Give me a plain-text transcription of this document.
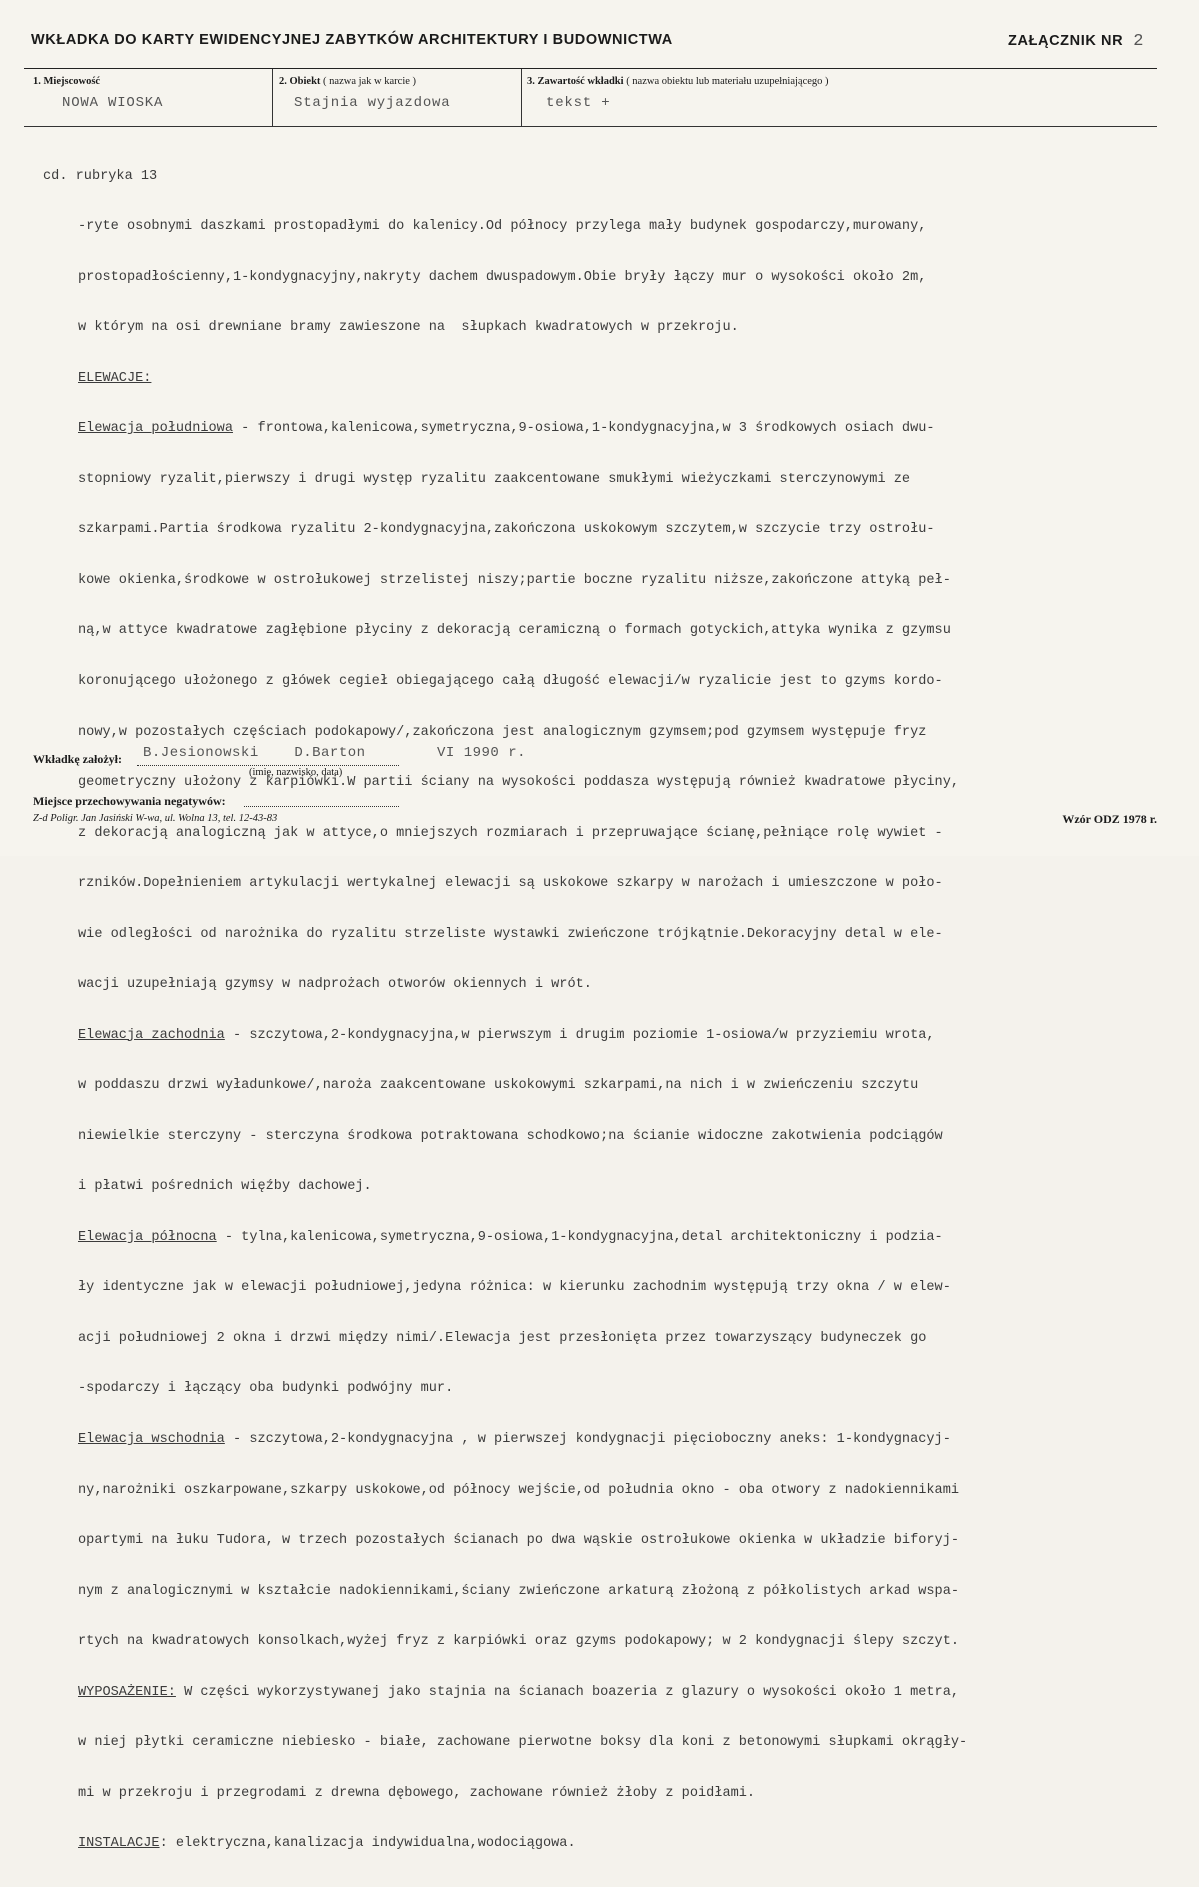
WKŁADKA DO KARTY EWIDENCYJNEJ ZABYTKÓW ARCHITEKTURY I BUDOWNICTWA	ZAŁĄCZNIK NR 2
1. Miejscowość
NOWA WIOSKA
2. Obiekt ( nazwa jak w karcie )
Stajnia wyjazdowa
3. Zawartość wkładki ( nazwa obiektu lub materiału uzupełniającego )
tekst +

cd. rubryka 13

-ryte osobnymi daszkami prostopadłymi do kalenicy.Od północy przylega mały budynek gospodarczy,murowany,

prostopadłościenny,1-kondygnacyjny,nakryty dachem dwuspadowym.Obie bryły łączy mur o wysokości około 2m,

w którym na osi drewniane bramy zawieszone na  słupkach kwadratowych w przekroju.

ELEWACJE:

Elewacja południowa - frontowa,kalenicowa,symetryczna,9-osiowa,1-kondygnacyjna,w 3 środkowych osiach dwu-

stopniowy ryzalit,pierwszy i drugi występ ryzalitu zaakcentowane smukłymi wieżyczkami sterczynowymi ze

szkarpami.Partia środkowa ryzalitu 2-kondygnacyjna,zakończona uskokowym szczytem,w szczycie trzy ostrołu-

kowe okienka,środkowe w ostrołukowej strzelistej niszy;partie boczne ryzalitu niższe,zakończone attyką peł-

ną,w attyce kwadratowe zagłębione płyciny z dekoracją ceramiczną o formach gotyckich,attyka wynika z gzymsu

koronującego ułożonego z główek cegieł obiegającego całą długość elewacji/w ryzalicie jest to gzyms kordo-

nowy,w pozostałych częściach podokapowy/,zakończona jest analogicznym gzymsem;pod gzymsem występuje fryz

geometryczny ułożony z karpiówki.W partii ściany na wysokości poddasza występują również kwadratowe płyciny,

z dekoracją analogiczną jak w attyce,o mniejszych rozmiarach i przepruwające ścianę,pełniące rolę wywiet -

rzników.Dopełnieniem artykulacji wertykalnej elewacji są uskokowe szkarpy w narożach i umieszczone w poło-

wie odległości od narożnika do ryzalitu strzeliste wystawki zwieńczone trójkątnie.Dekoracyjny detal w ele-

wacji uzupełniają gzymsy w nadprożach otworów okiennych i wrót.

Elewacja zachodnia - szczytowa,2-kondygnacyjna,w pierwszym i drugim poziomie 1-osiowa/w przyziemiu wrota,

w poddaszu drzwi wyładunkowe/,naroża zaakcentowane uskokowymi szkarpami,na nich i w zwieńczeniu szczytu

niewielkie sterczyny - sterczyna środkowa potraktowana schodkowo;na ścianie widoczne zakotwienia podciągów

i płatwi pośrednich więźby dachowej.

Elewacja północna - tylna,kalenicowa,symetryczna,9-osiowa,1-kondygnacyjna,detal architektoniczny i podzia-

ły identyczne jak w elewacji południowej,jedyna różnica: w kierunku zachodnim występują trzy okna / w elew-

acji południowej 2 okna i drzwi między nimi/.Elewacja jest przesłonięta przez towarzyszący budyneczek go

-spodarczy i łączący oba budynki podwójny mur.

Elewacja wschodnia - szczytowa,2-kondygnacyjna , w pierwszej kondygnacji pięcioboczny aneks: 1-kondygnacyj-

ny,narożniki oszkarpowane,szkarpy uskokowe,od północy wejście,od południa okno - oba otwory z nadokiennikami

opartymi na łuku Tudora, w trzech pozostałych ścianach po dwa wąskie ostrołukowe okienka w układzie biforyj-

nym z analogicznymi w kształcie nadokiennikami,ściany zwieńczone arkaturą złożoną z półkolistych arkad wspa-

rtych na kwadratowych konsolkach,wyżej fryz z karpiówki oraz gzyms podokapowy; w 2 kondygnacji ślepy szczyt.

WYPOSAŻENIE: W części wykorzystywanej jako stajnia na ścianach boazeria z glazury o wysokości około 1 metra,

w niej płytki ceramiczne niebiesko - białe, zachowane pierwotne boksy dla koni z betonowymi słupkami okrągły-

mi w przekroju i przegrodami z drewna dębowego, zachowane również żłoby z poidłami.

INSTALACJE: elektryczna,kanalizacja indywidualna,wodociągowa.

Wkładkę założył: B.Jesionowski    D.Barton	VI 1990 r.
(imię, nazwisko, data)
Miejsce przechowywania negatywów:
Z-d Poligr. Jan Jasiński W-wa, ul. Wolna 13, tel. 12-43-83	Wzór ODZ 1978 r.
